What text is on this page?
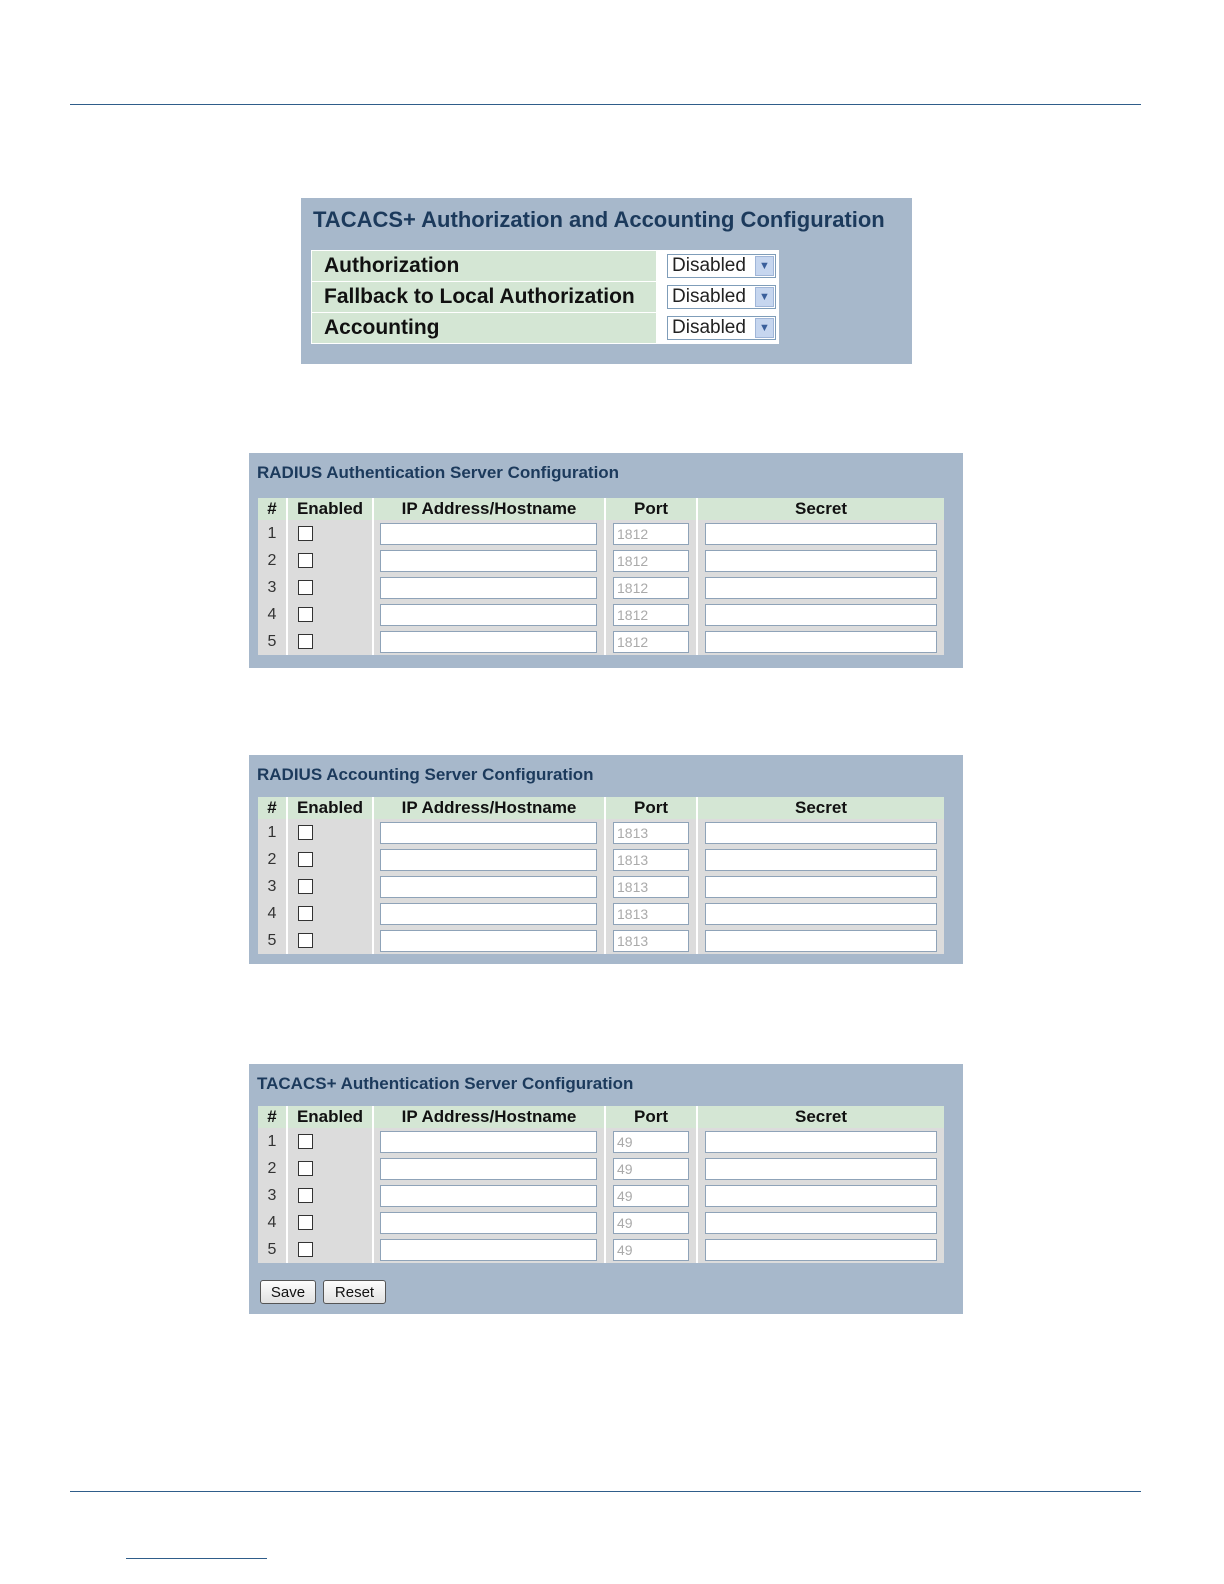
TACACS+ Authorization and Accounting Configuration
Authorization	Disabled ▼

Fallback to Local Authorization	Disabled ▼

Accounting	Disabled ▼
RADIUS Authentication Server Configuration
#	Enabled	IP Address/Hostname	Port	Secret
1			1812	

2			1812	

3			1812	

4			1812	

5			1812	

RADIUS Accounting Server Configuration
#	Enabled	IP Address/Hostname	Port	Secret
1			1813	

2			1813	

3			1813	

4			1813	

5			1813	

TACACS+ Authentication Server Configuration
#	Enabled	IP Address/Hostname	Port	Secret
1			49	

2			49	

3			49	

4			49	

5			49	

Save	Reset
